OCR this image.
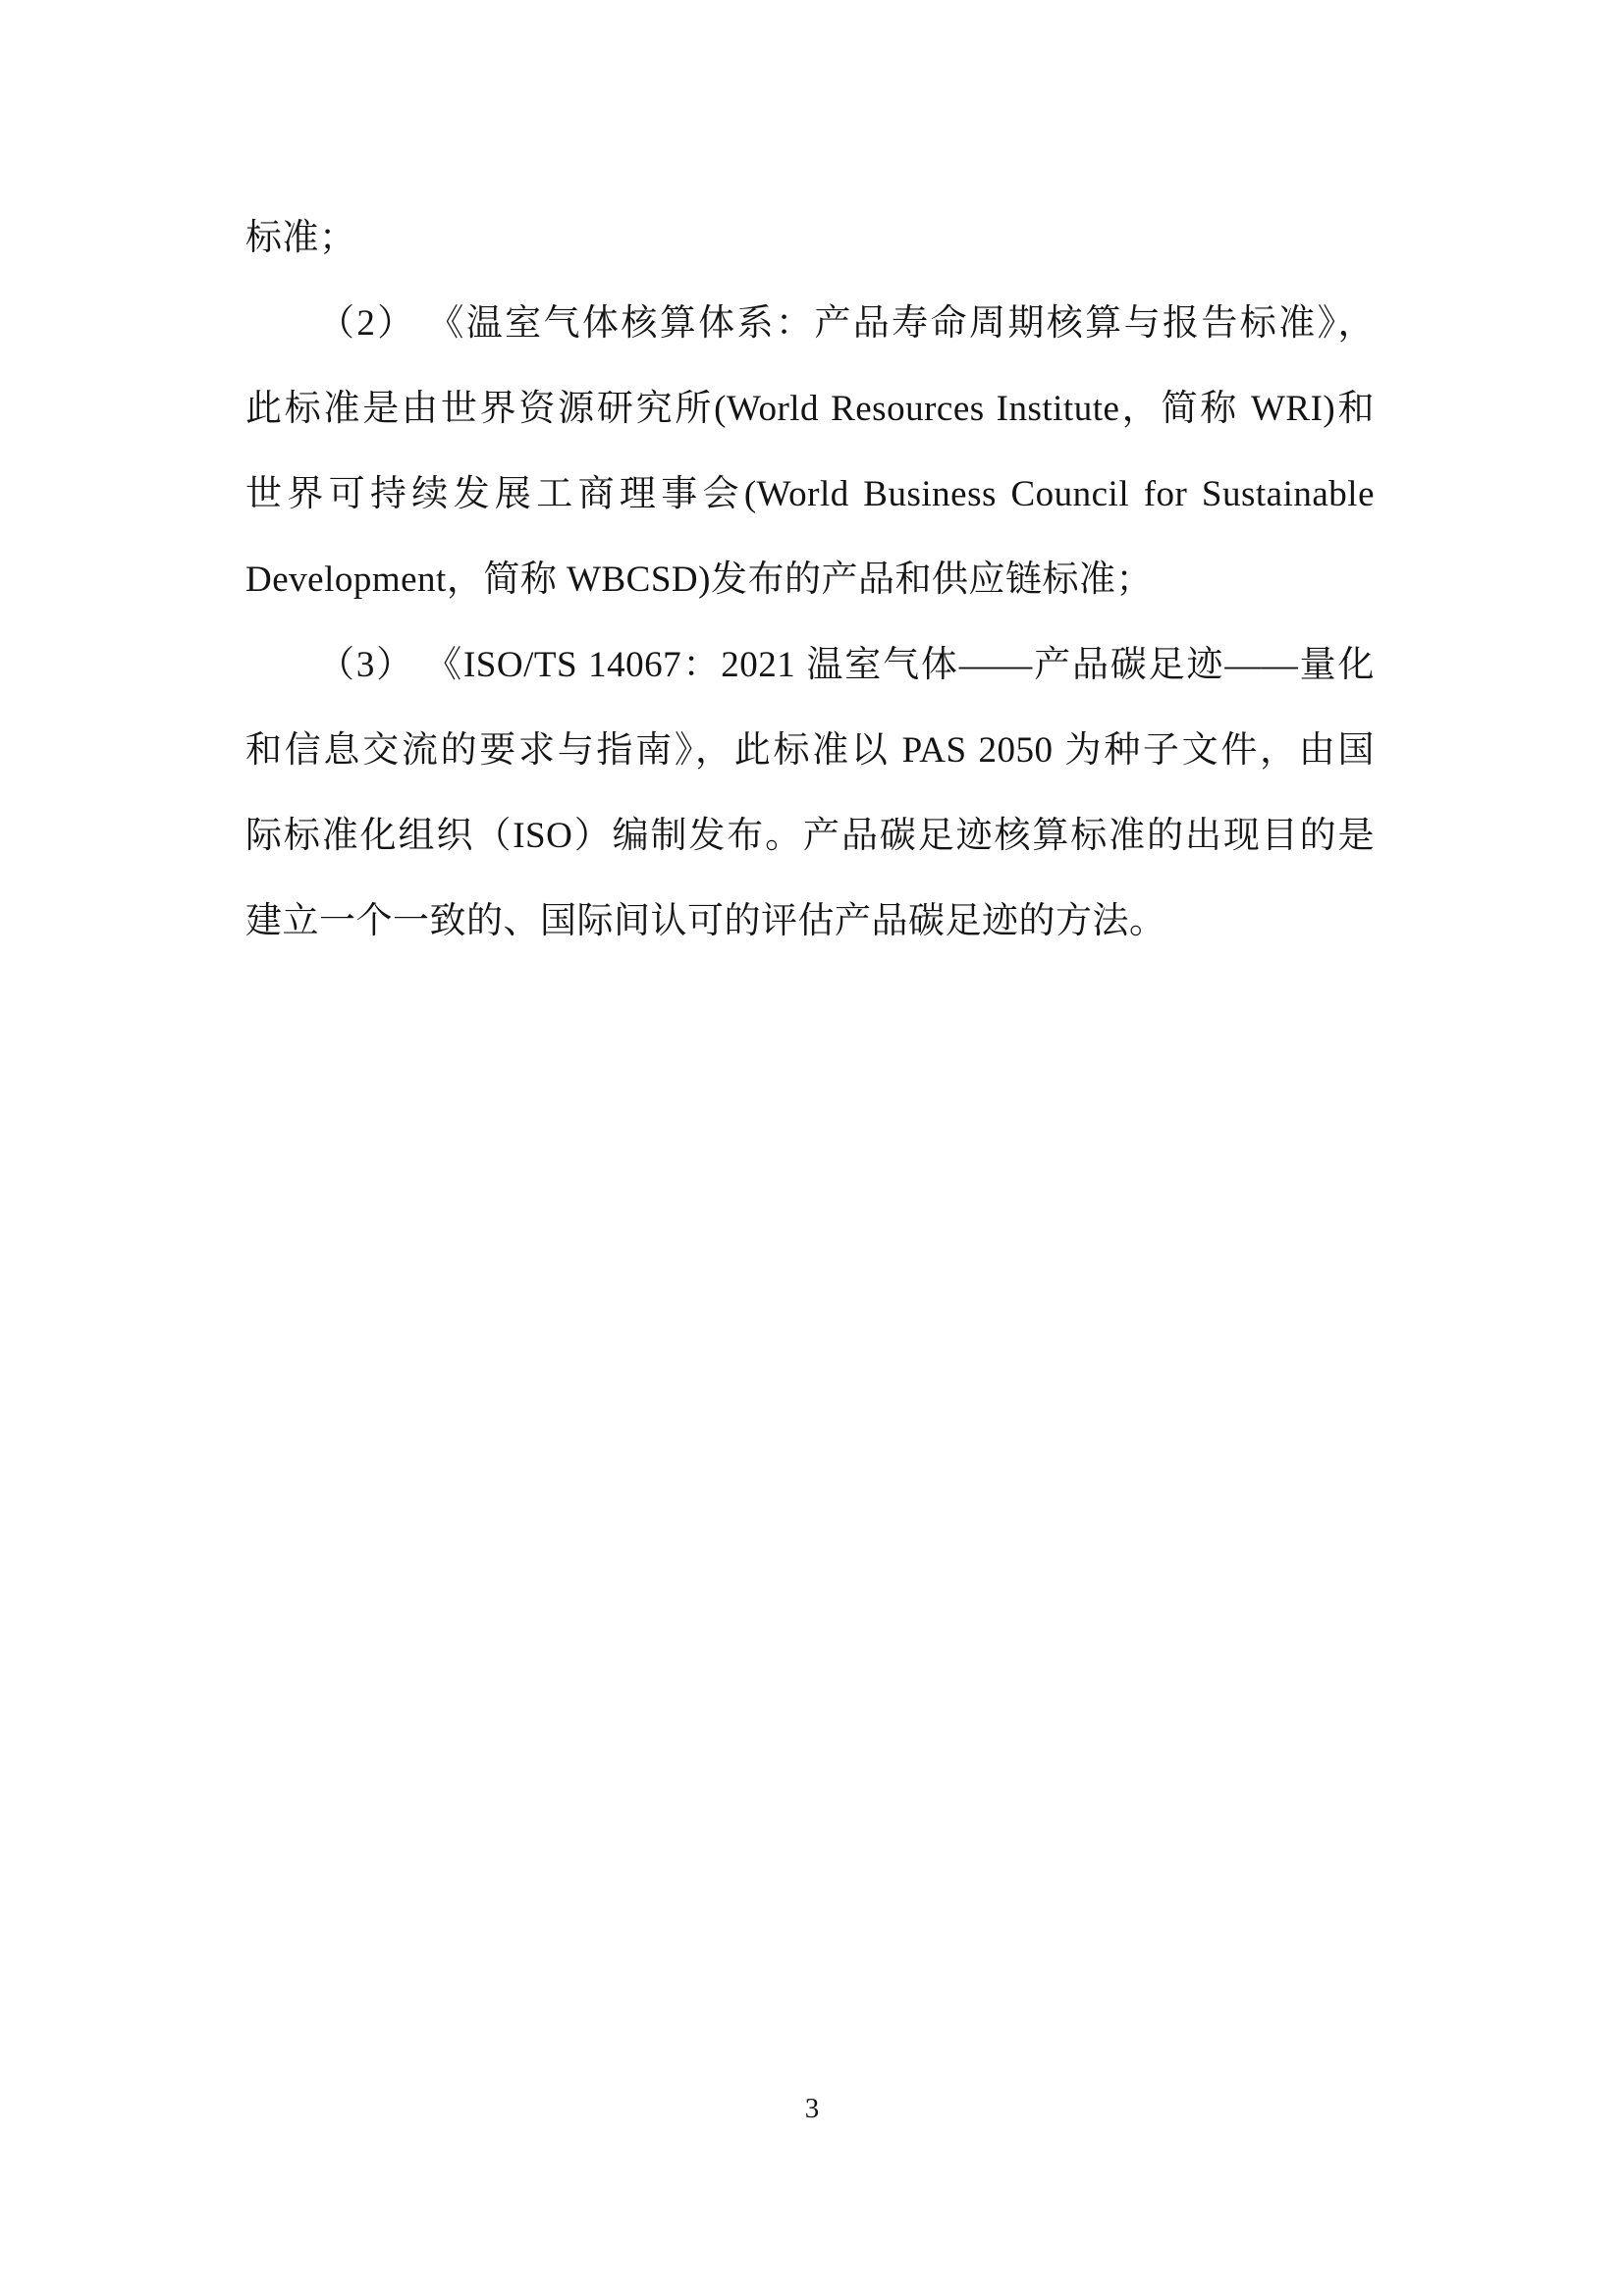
标准；

（2） 《温室气体核算体系：产品寿命周期核算与报告标准》，

此标准是由世界资源研究所(World Resources Institute，简称 WRI)和

世界可持续发展工商理事会(World Business Council for Sustainable

Development，简称 WBCSD)发布的产品和供应链标准；

（3） 《ISO/TS 14067：2021 温室气体——产品碳足迹——量化

和信息交流的要求与指南》，此标准以 PAS 2050 为种子文件，由国

际标准化组织（ISO）编制发布。产品碳足迹核算标准的出现目的是

建立一个一致的、国际间认可的评估产品碳足迹的方法。

3
